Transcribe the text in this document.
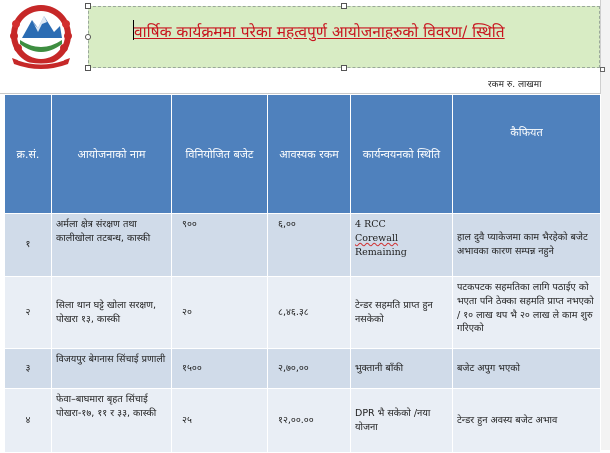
वार्षिक कार्यक्रममा परेका महत्वपुर्ण आयोजनाहरुको विवरण/ स्थिति
रकम रु. लाखमा
क्र.सं.	आयोजनाको नाम	विनियोजित बजेट	आवस्यक रकम	कार्यन्वयनको स्थिति	कैफियत
१	अर्मला क्षेत्र संरक्षण तथा कालीखोला तटबन्ध, कास्की	९००	६,००	4 RCC
Corewall
Remaining	हाल दुवै प्याकेजमा काम भैरहेको बजेट अभावका कारण सम्पन्न नहुने
२	सिला थान घट्टे खोला सरक्षण, पोखरा १३, कास्की	२०	८,४६.३८	टेन्डर सहमति प्राप्त हुन नसकेको	पटकपटक सहमतिका लागि पठाईए को भएता पनि ठेक्का सहमति प्राप्त नभएको / १० लाख थप भै २० लाख ले काम शुरु गरिएको
३	विजयपुर बेगनास सिंचाई प्रणाली	१५००	२,७०,००	भुक्तानी बाँकी	बजेट अपुग भएको
४	फेवा–बाघमारा बृहत सिंचाई पोखरा-१७, ११ र ३३, कास्की	२५	१२,००.००	DPR भै सकेको /नया योजना	टेन्डर हुन अवस्य बजेट अभाव
